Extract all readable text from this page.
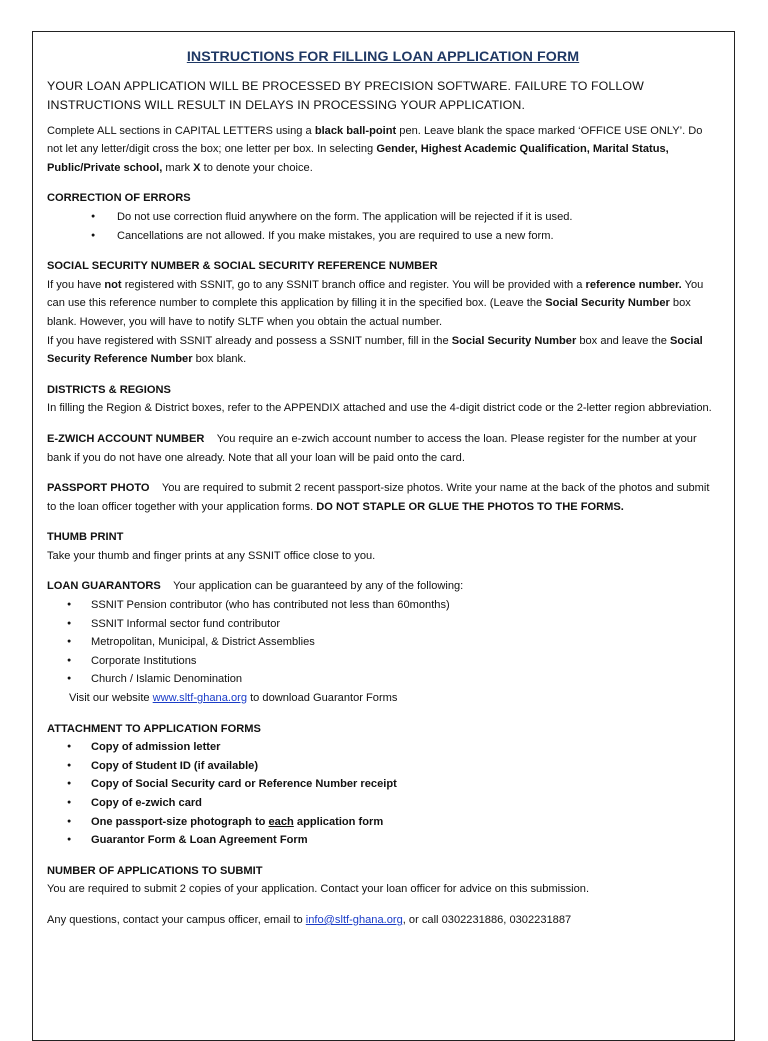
INSTRUCTIONS FOR FILLING LOAN APPLICATION FORM

YOUR LOAN APPLICATION WILL BE PROCESSED BY PRECISION SOFTWARE. FAILURE TO FOLLOW INSTRUCTIONS WILL RESULT IN DELAYS IN PROCESSING YOUR APPLICATION.

Complete ALL sections in CAPITAL LETTERS using a black ball-point pen. Leave blank the space marked ‘OFFICE USE ONLY’. Do not let any letter/digit cross the box; one letter per box. In selecting Gender, Highest Academic Qualification, Marital Status, Public/Private school, mark X to denote your choice.

CORRECTION OF ERRORS

● Do not use correction fluid anywhere on the form. The application will be rejected if it is used.
● Cancellations are not allowed. If you make mistakes, you are required to use a new form.

SOCIAL SECURITY NUMBER & SOCIAL SECURITY REFERENCE NUMBER

If you have not registered with SSNIT, go to any SSNIT branch office and register. You will be provided with a reference number. You can use this reference number to complete this application by filling it in the specified box. (Leave the Social Security Number box blank. However, you will have to notify SLTF when you obtain the actual number.

If you have registered with SSNIT already and possess a SSNIT number, fill in the Social Security Number box and leave the Social Security Reference Number box blank.

DISTRICTS & REGIONS

In filling the Region & District boxes, refer to the APPENDIX attached and use the 4-digit district code or the 2-letter region abbreviation.

E-ZWICH ACCOUNT NUMBER You require an e-zwich account number to access the loan. Please register for the number at your bank if you do not have one already. Note that all your loan will be paid onto the card.

PASSPORT PHOTO You are required to submit 2 recent passport-size photos. Write your name at the back of the photos and submit to the loan officer together with your application forms. DO NOT STAPLE OR GLUE THE PHOTOS TO THE FORMS.

THUMB PRINT

Take your thumb and finger prints at any SSNIT office close to you.

LOAN GUARANTORS Your application can be guaranteed by any of the following:

● SSNIT Pension contributor (who has contributed not less than 60months)
● SSNIT Informal sector fund contributor
● Metropolitan, Municipal, & District Assemblies
● Corporate Institutions
● Church / Islamic Denomination

Visit our website www.sltf-ghana.org to download Guarantor Forms

ATTACHMENT TO APPLICATION FORMS

● Copy of admission letter
● Copy of Student ID (if available)
● Copy of Social Security card or Reference Number receipt
● Copy of e-zwich card
● One passport-size photograph to each application form
● Guarantor Form & Loan Agreement Form

NUMBER OF APPLICATIONS TO SUBMIT

You are required to submit 2 copies of your application. Contact your loan officer for advice on this submission.

Any questions, contact your campus officer, email to info@sltf-ghana.org, or call 0302231886, 0302231887
